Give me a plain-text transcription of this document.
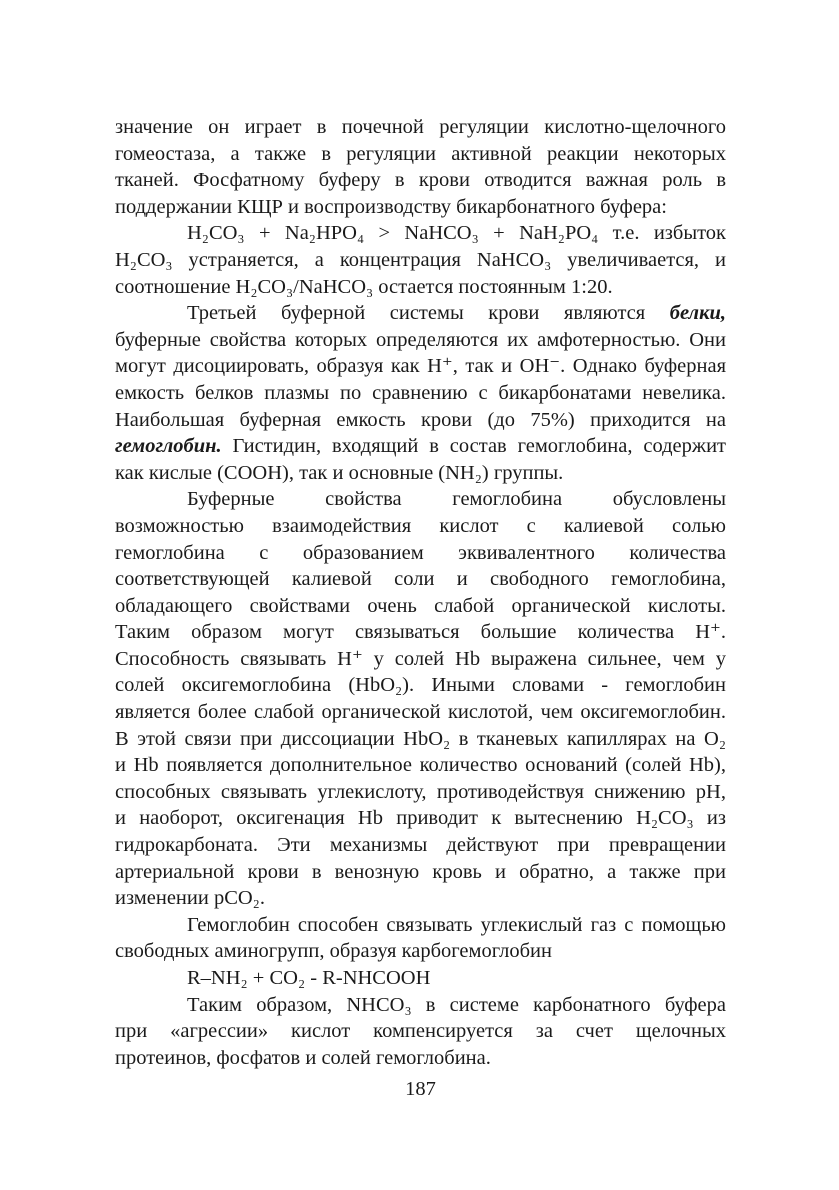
значение он играет в почечной регуляции кислотно-щелочного
гомеостаза, а также в регуляции активной реакции некоторых
тканей. Фосфатному буферу в крови отводится важная роль в
поддержании КЩР и воспроизводству бикарбонатного буфера:
H₂CO₃ + Na₂HPO₄ > NaHCO₃ + NaH₂PO₄ т.е. избыток
H₂CO₃ устраняется, а концентрация NaHCO₃ увеличивается, и
соотношение H₂CO₃/NaHCO₃ остается постоянным 1:20.
Третьей буферной системы крови являются белки,
буферные свойства которых определяются их амфотерностью. Они
могут дисоциировать, образуя как H⁺, так и OH⁻. Однако буферная
емкость белков плазмы по сравнению с бикарбонатами невелика.
Наибольшая буферная емкость крови (до 75%) приходится на
гемоглобин. Гистидин, входящий в состав гемоглобина, содержит
как кислые (COOH), так и основные (NH₂) группы.
Буферные свойства гемоглобина обусловлены
возможностью взаимодействия кислот с калиевой солью
гемоглобина с образованием эквивалентного количества
соответствующей калиевой соли и свободного гемоглобина,
обладающего свойствами очень слабой органической кислоты.
Таким образом могут связываться большие количества H⁺.
Способность связывать H⁺ у солей Hb выражена сильнее, чем у
солей оксигемоглобина (HbO₂). Иными словами - гемоглобин
является более слабой органической кислотой, чем оксигемоглобин.
В этой связи при диссоциации HbO₂ в тканевых капиллярах на O₂
и Hb появляется дополнительное количество оснований (солей Hb),
способных связывать углекислоту, противодействуя снижению pH,
и наоборот, оксигенация Hb приводит к вытеснению H₂CO₃ из
гидрокарбоната. Эти механизмы действуют при превращении
артериальной крови в венозную кровь и обратно, а также при
изменении pCO₂.
Гемоглобин способен связывать углекислый газ с помощью
свободных аминогрупп, образуя карбогемоглобин
R–NH₂ + CO₂ - R-NHCOOH
Таким образом, NHCO₃ в системе карбонатного буфера
при «агрессии» кислот компенсируется за счет щелочных
протеинов, фосфатов и солей гемоглобина.
187
